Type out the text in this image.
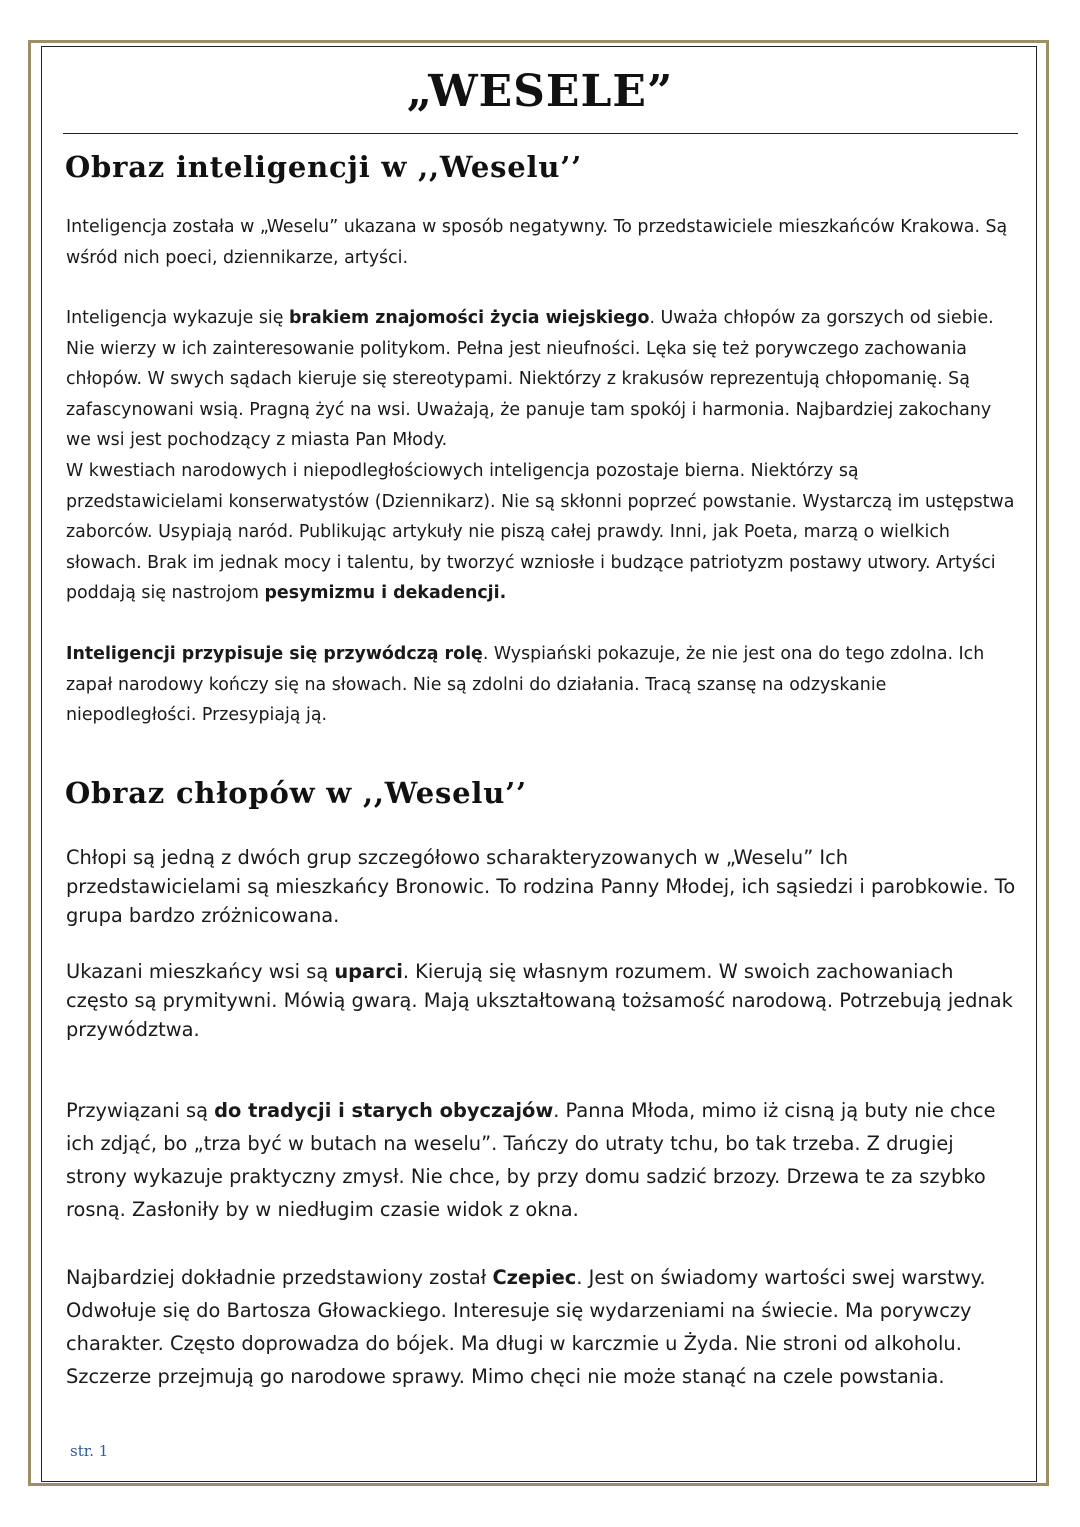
„WESELE”
Obraz inteligencji w ,,Weselu’’

Inteligencja została w „Weselu” ukazana w sposób negatywny. To przedstawiciele mieszkańców Krakowa. Są wśród nich poeci, dziennikarze, artyści.

Inteligencja wykazuje się brakiem znajomości życia wiejskiego. Uważa chłopów za gorszych od siebie. Nie wierzy w ich zainteresowanie politykom. Pełna jest nieufności. Lęka się też porywczego zachowania chłopów. W swych sądach kieruje się stereotypami. Niektórzy z krakusów reprezentują chłopomanię. Są zafascynowani wsią. Pragną żyć na wsi. Uważają, że panuje tam spokój i harmonia. Najbardziej zakochany we wsi jest pochodzący z miasta Pan Młody.

W kwestiach narodowych i niepodległościowych inteligencja pozostaje bierna. Niektórzy są przedstawicielami konserwatystów (Dziennikarz). Nie są skłonni poprzeć powstanie. Wystarczą im ustępstwa zaborców. Usypiają naród. Publikując artykuły nie piszą całej prawdy. Inni, jak Poeta, marzą o wielkich słowach. Brak im jednak mocy i talentu, by tworzyć wzniosłe i budzące patriotyzm postawy utwory. Artyści poddają się nastrojom pesymizmu i dekadencji.

Inteligencji przypisuje się przywódczą rolę. Wyspiański pokazuje, że nie jest ona do tego zdolna. Ich zapał narodowy kończy się na słowach. Nie są zdolni do działania. Tracą szansę na odzyskanie niepodległości. Przesypiają ją.

Obraz chłopów w ,,Weselu’’

Chłopi są jedną z dwóch grup szczegółowo scharakteryzowanych w „Weselu” Ich przedstawicielami są mieszkańcy Bronowic. To rodzina Panny Młodej, ich sąsiedzi i parobkowie. To grupa bardzo zróżnicowana.

Ukazani mieszkańcy wsi są uparci. Kierują się własnym rozumem. W swoich zachowaniach często są prymitywni. Mówią gwarą. Mają ukształtowaną tożsamość narodową. Potrzebują jednak przywództwa.

Przywiązani są do tradycji i starych obyczajów. Panna Młoda, mimo iż cisną ją buty nie chce ich zdjąć, bo „trza być w butach na weselu”. Tańczy do utraty tchu, bo tak trzeba. Z drugiej strony wykazuje praktyczny zmysł. Nie chce, by przy domu sadzić brzozy. Drzewa te za szybko rosną. Zasłoniły by w niedługim czasie widok z okna.

Najbardziej dokładnie przedstawiony został Czepiec. Jest on świadomy wartości swej warstwy. Odwołuje się do Bartosza Głowackiego. Interesuje się wydarzeniami na świecie. Ma porywczy charakter. Często doprowadza do bójek. Ma długi w karczmie u Żyda. Nie stroni od alkoholu. Szczerze przejmują go narodowe sprawy. Mimo chęci nie może stanąć na czele powstania.

str. 1
